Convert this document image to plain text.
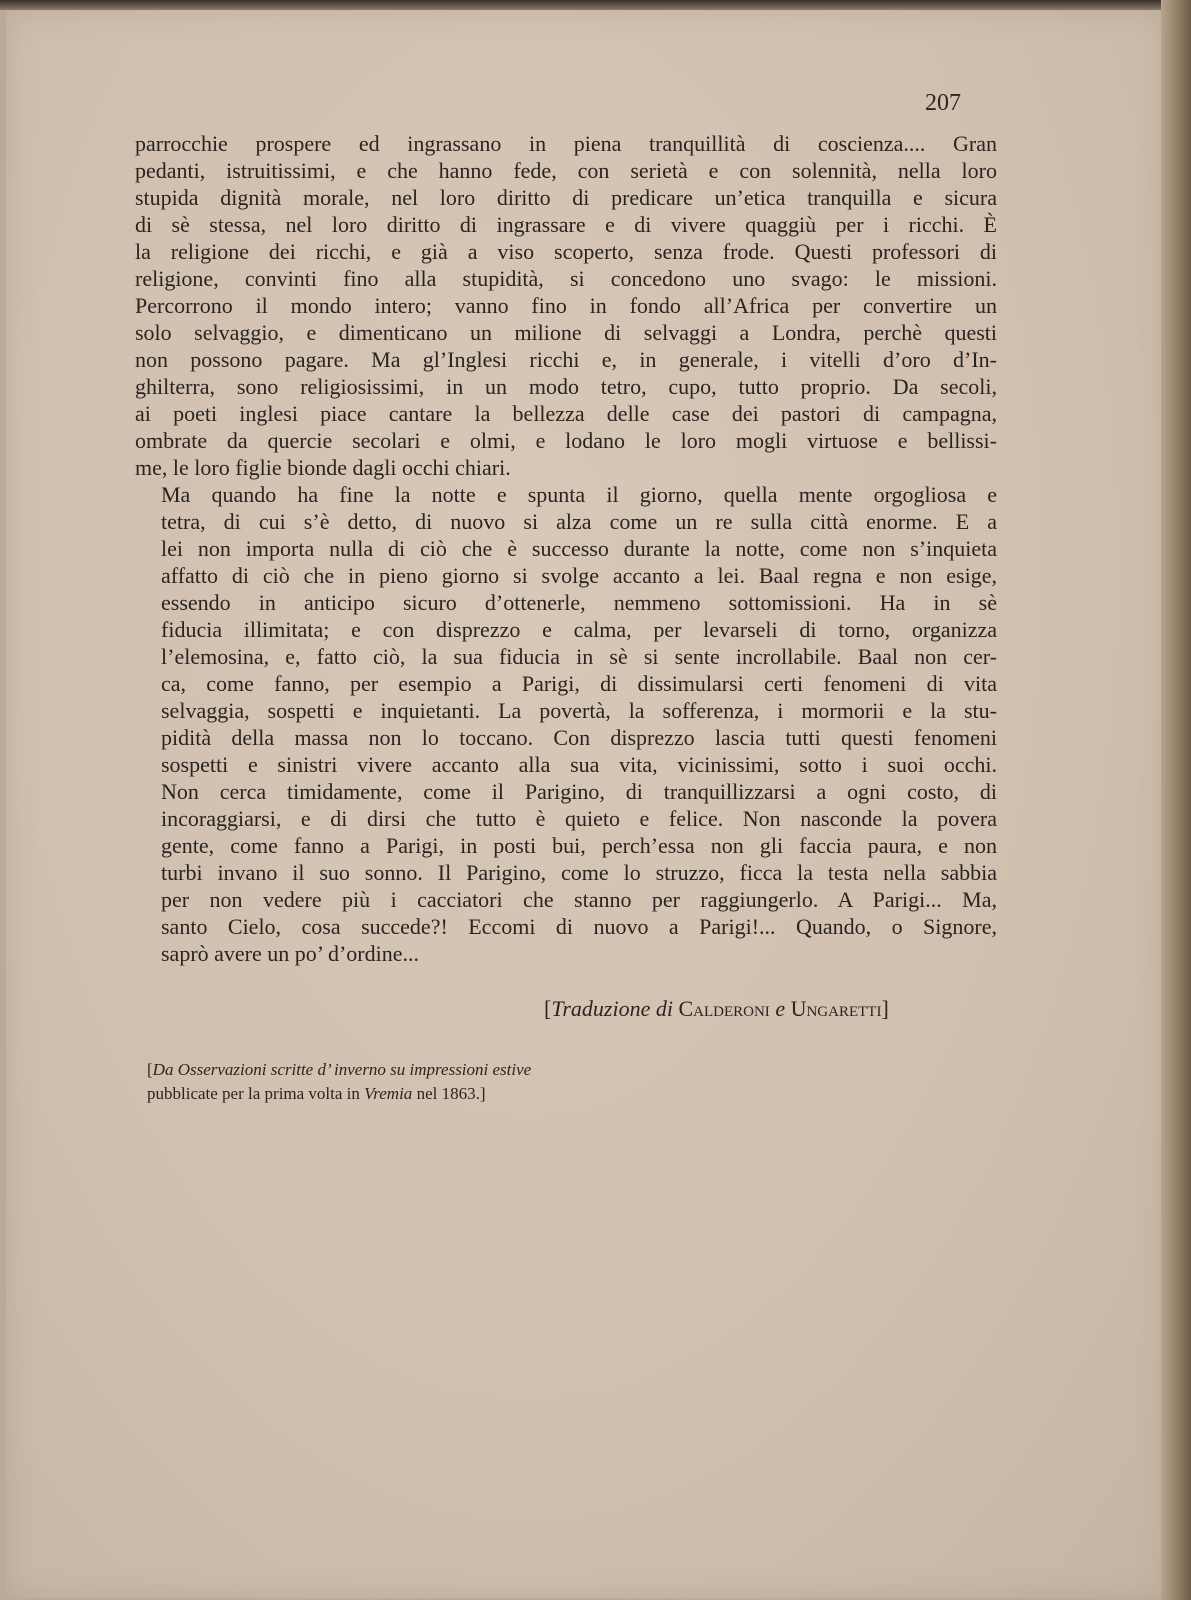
207

parrocchie prospere ed ingrassano in piena tranquillità di coscienza.... Gran
pedanti, istruitissimi, e che hanno fede, con serietà e con solennità, nella loro
stupida dignità morale, nel loro diritto di predicare un’etica tranquilla e sicura
di sè stessa, nel loro diritto di ingrassare e di vivere quaggiù per i ricchi. È
la religione dei ricchi, e già a viso scoperto, senza frode. Questi professori di
religione, convinti fino alla stupidità, si concedono uno svago: le missioni.
Percorrono il mondo intero; vanno fino in fondo all’Africa per convertire un
solo selvaggio, e dimenticano un milione di selvaggi a Londra, perchè questi
non possono pagare. Ma gl’Inglesi ricchi e, in generale, i vitelli d’oro d’In-
ghilterra, sono religiosissimi, in un modo tetro, cupo, tutto proprio. Da secoli,
ai poeti inglesi piace cantare la bellezza delle case dei pastori di campagna,
ombrate da quercie secolari e olmi, e lodano le loro mogli virtuose e bellissi-
me, le loro figlie bionde dagli occhi chiari.

Ma quando ha fine la notte e spunta il giorno, quella mente orgogliosa e
tetra, di cui s’è detto, di nuovo si alza come un re sulla città enorme. E a
lei non importa nulla di ciò che è successo durante la notte, come non s’inquieta
affatto di ciò che in pieno giorno si svolge accanto a lei. Baal regna e non esige,
essendo in anticipo sicuro d’ottenerle, nemmeno sottomissioni. Ha in sè
fiducia illimitata; e con disprezzo e calma, per levarseli di torno, organizza
l’elemosina, e, fatto ciò, la sua fiducia in sè si sente incrollabile. Baal non cer-
ca, come fanno, per esempio a Parigi, di dissimularsi certi fenomeni di vita
selvaggia, sospetti e inquietanti. La povertà, la sofferenza, i mormorii e la stu-
pidità della massa non lo toccano. Con disprezzo lascia tutti questi fenomeni
sospetti e sinistri vivere accanto alla sua vita, vicinissimi, sotto i suoi occhi.
Non cerca timidamente, come il Parigino, di tranquillizzarsi a ogni costo, di
incoraggiarsi, e di dirsi che tutto è quieto e felice. Non nasconde la povera
gente, come fanno a Parigi, in posti bui, perch’essa non gli faccia paura, e non
turbi invano il suo sonno. Il Parigino, come lo struzzo, ficca la testa nella sabbia
per non vedere più i cacciatori che stanno per raggiungerlo. A Parigi... Ma,
santo Cielo, cosa succede?! Eccomi di nuovo a Parigi!... Quando, o Signore,
saprò avere un po’ d’ordine...

[Traduzione di Calderoni e Ungaretti]
[Da Osservazioni scritte d’ inverno su impressioni estive
pubblicate per la prima volta in Vremia nel 1863.]
